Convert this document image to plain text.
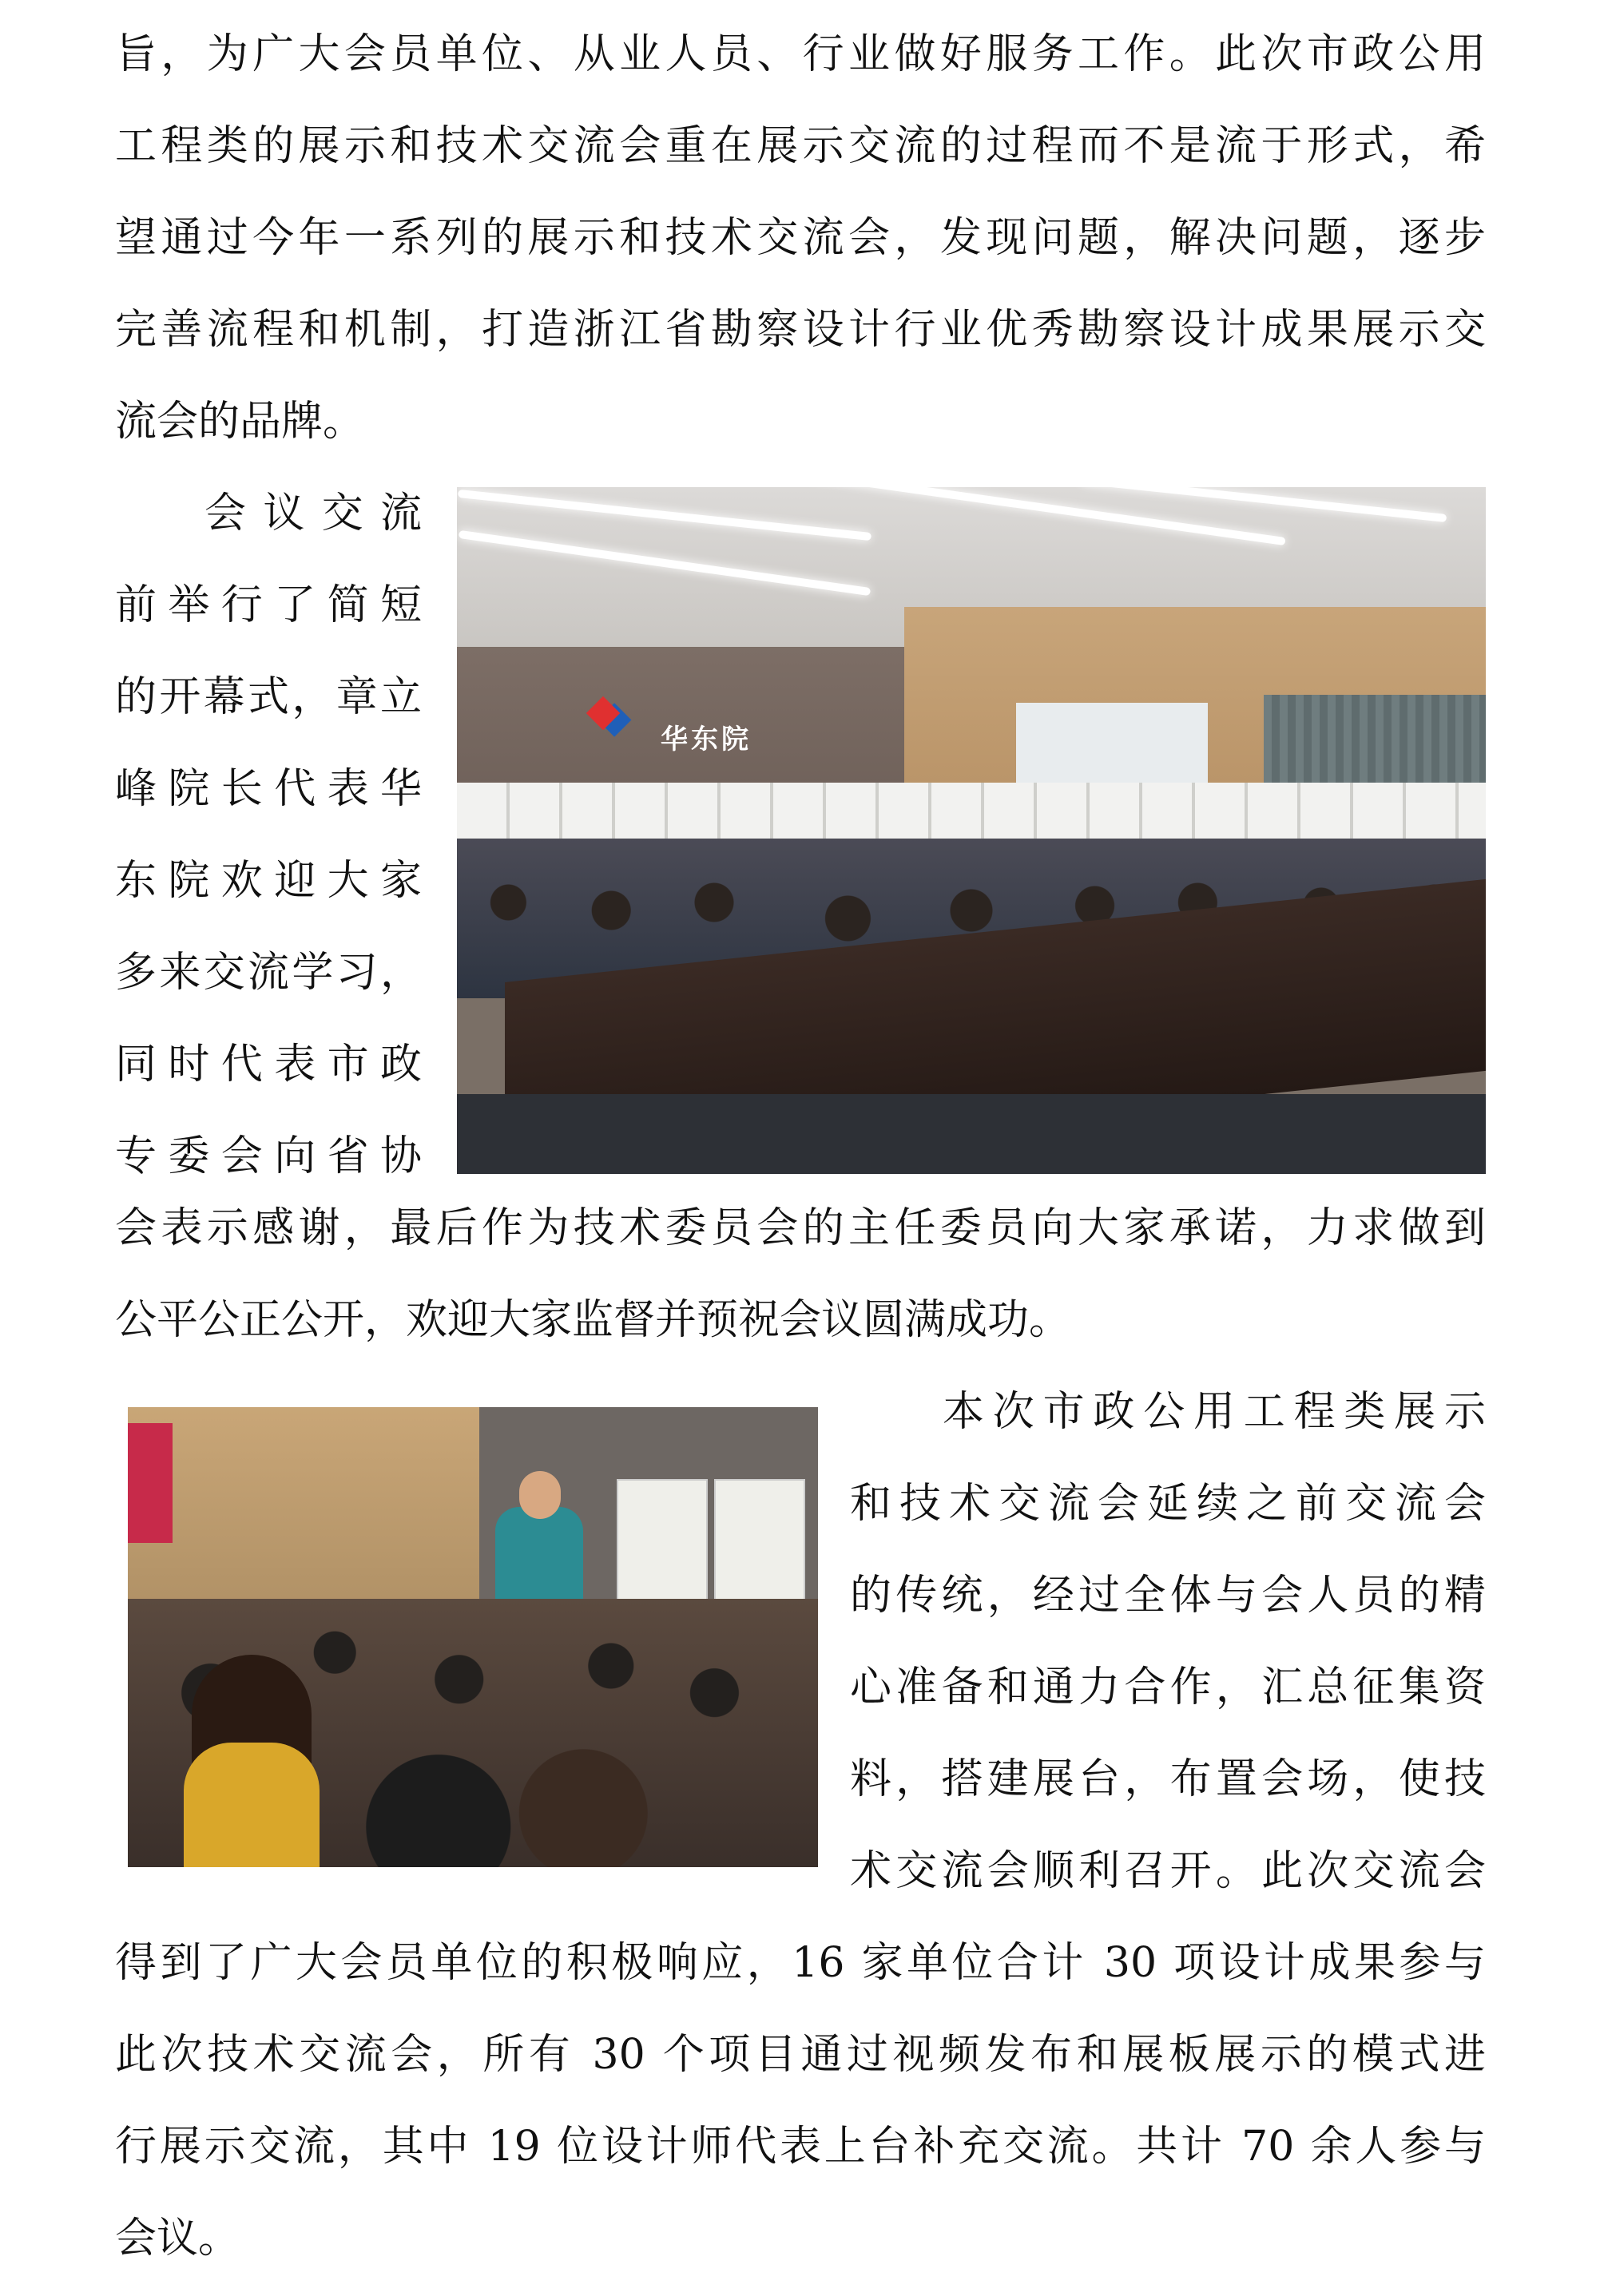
旨，为广大会员单位、从业人员、行业做好服务工作。此次市政公用
工程类的展示和技术交流会重在展示交流的过程而不是流于形式，希
望通过今年一系列的展示和技术交流会，发现问题，解决问题，逐步
完善流程和机制，打造浙江省勘察设计行业优秀勘察设计成果展示交
流会的品牌。
会议交流
前举行了简短
的开幕式，章立
峰院长代表华
东院欢迎大家
多来交流学习，
同时代表市政
专委会向省协
华东院
会表示感谢，最后作为技术委员会的主任委员向大家承诺，力求做到
公平公正公开，欢迎大家监督并预祝会议圆满成功。
本次市政公用工程类展示
和技术交流会延续之前交流会
的传统，经过全体与会人员的精
心准备和通力合作，汇总征集资
料，搭建展台，布置会场，使技
术交流会顺利召开。此次交流会
得到了广大会员单位的积极响应，16 家单位合计 30 项设计成果参与
此次技术交流会，所有 30 个项目通过视频发布和展板展示的模式进
行展示交流，其中 19 位设计师代表上台补充交流。共计 70 余人参与
会议。
